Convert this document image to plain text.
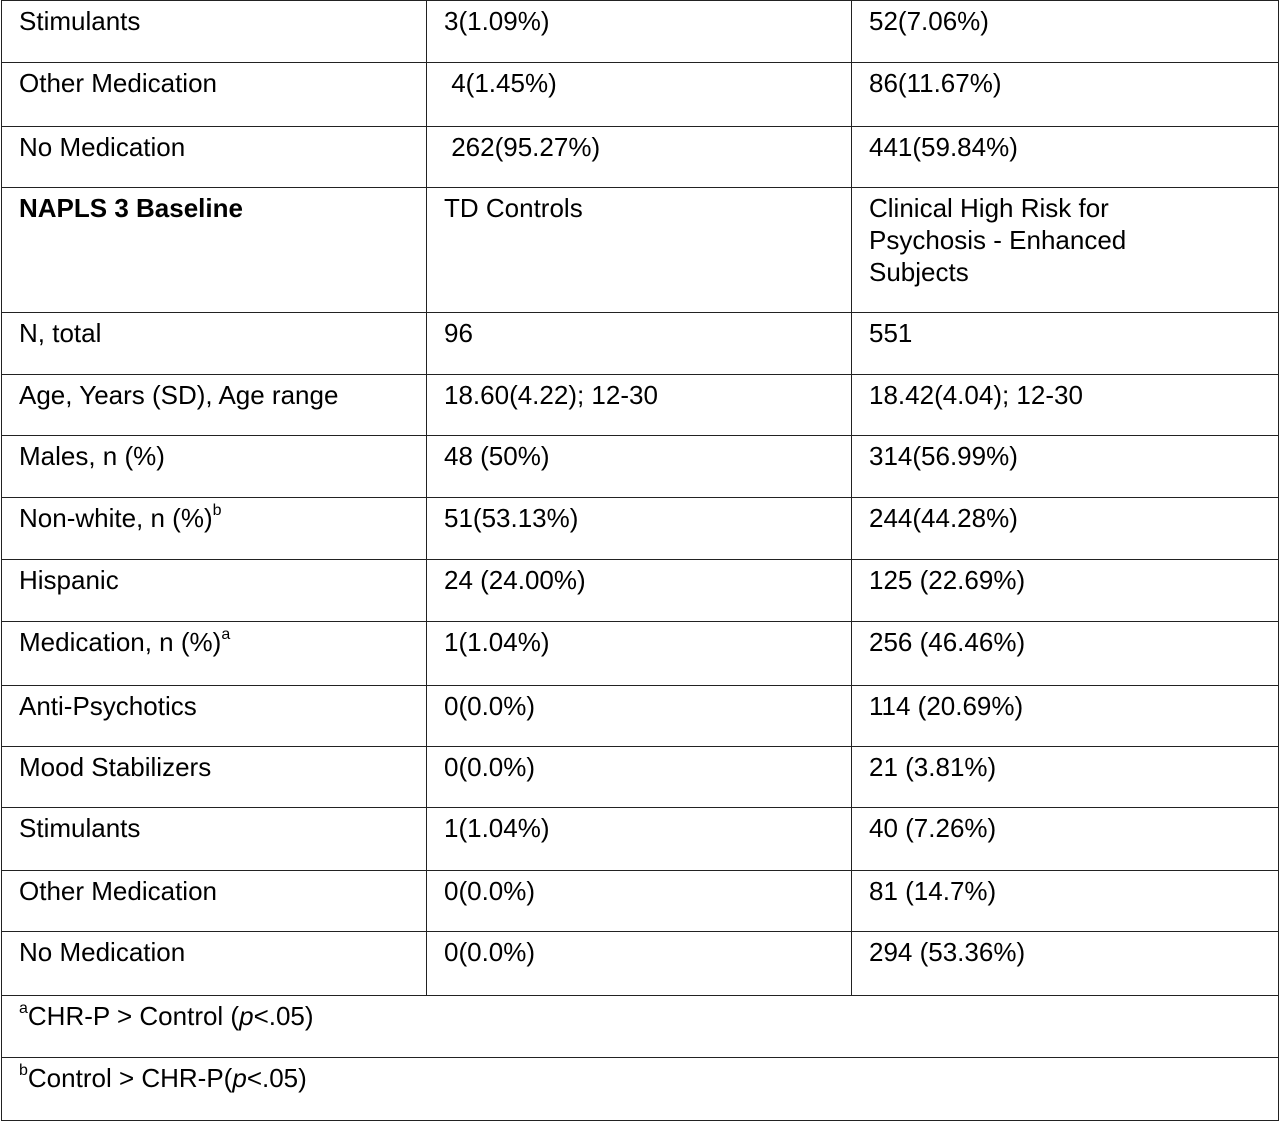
Stimulants	3(1.09%)	52(7.06%)
Other Medication	4(1.45%)	86(11.67%)
No Medication	262(95.27%)	441(59.84%)
NAPLS 3 Baseline	TD Controls	Clinical High Risk for Psychosis - Enhanced Subjects
N, total	96	551
Age, Years (SD), Age range	18.60(4.22); 12-30	18.42(4.04); 12-30
Males, n (%)	48 (50%)	314(56.99%)
Non-white, n (%)$^b$	51(53.13%)	244(44.28%)
Hispanic	24 (24.00%)	125 (22.69%)
Medication, n (%)$^a$	1(1.04%)	256 (46.46%)
Anti-Psychotics	0(0.0%)	114 (20.69%)
Mood Stabilizers	0(0.0%)	21 (3.81%)
Stimulants	1(1.04%)	40 (7.26%)
Other Medication	0(0.0%)	81 (14.7%)
No Medication	0(0.0%)	294 (53.36%)
$^a$CHR-P > Control (p<.05)		
$^b$Control > CHR-P(p<.05)		
